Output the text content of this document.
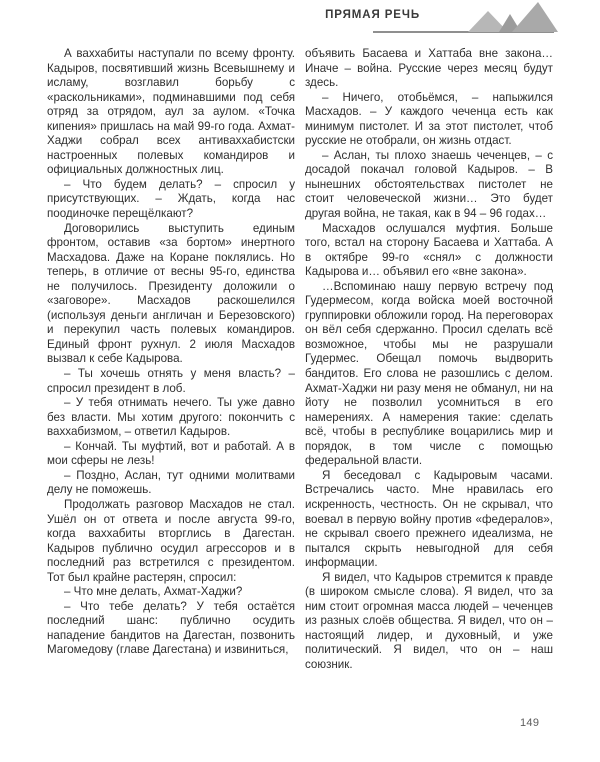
ПРЯМАЯ РЕЧЬ

А ваххабиты наступали по всему фронту. Кадыров, посвятивший жизнь Всевышнему и исламу, возглавил борьбу с «раскольниками», подминавшими под себя отряд за отрядом, аул за аулом. «Точка кипения» пришлась на май 99-го года. Ахмат-Хаджи собрал всех антиваххабистски настроенных полевых командиров и официальных должностных лиц.

– Что будем делать? – спросил у присутствующих. – Ждать, когда нас поодиночке перещёлкают?

Договорились выступить единым фронтом, оставив «за бортом» инертного Масхадова. Даже на Коране поклялись. Но теперь, в отличие от весны 95-го, единства не получилось. Президенту доложили о «заговоре». Масхадов раскошелился (используя деньги англичан и Березовского) и перекупил часть полевых командиров. Единый фронт рухнул. 2 июля Масхадов вызвал к себе Кадырова.

– Ты хочешь отнять у меня власть? – спросил президент в лоб.

– У тебя отнимать нечего. Ты уже давно без власти. Мы хотим другого: покончить с ваххабизмом, – ответил Кадыров.

– Кончай. Ты муфтий, вот и работай. А в мои сферы не лезь!

– Поздно, Аслан, тут одними молитвами делу не поможешь.

Продолжать разговор Масхадов не стал. Ушёл он от ответа и после августа 99-го, когда ваххабиты вторглись в Дагестан. Кадыров публично осудил агрессоров и в последний раз встретился с президентом. Тот был крайне растерян, спросил:

– Что мне делать, Ахмат-Хаджи?

– Что тебе делать? У тебя остаётся последний шанс: публично осудить нападение бандитов на Дагестан, позвонить Магомедову (главе Дагестана) и извиниться,

объявить Басаева и Хаттаба вне закона… Иначе – война. Русские через месяц будут здесь.

– Ничего, отобьёмся, – напыжился Масхадов. – У каждого чеченца есть как минимум пистолет. И за этот пистолет, чтоб русские не отобрали, он жизнь отдаст.

– Аслан, ты плохо знаешь чеченцев, – с досадой покачал головой Кадыров. – В нынешних обстоятельствах пистолет не стоит человеческой жизни… Это будет другая война, не такая, как в 94 – 96 годах…

Масхадов ослушался муфтия. Больше того, встал на сторону Басаева и Хаттаба. А в октябре 99-го «снял» с должности Кадырова и… объявил его «вне закона».

…Вспоминаю нашу первую встречу под Гудермесом, когда войска моей восточной группировки обложили город. На переговорах он вёл себя сдержанно. Просил сделать всё возможное, чтобы мы не разрушали Гудермес. Обещал помочь выдворить бандитов. Его слова не разошлись с делом. Ахмат-Хаджи ни разу меня не обманул, ни на йоту не позволил усомниться в его намерениях. А намерения такие: сделать всё, чтобы в республике воцарились мир и порядок, в том числе с помощью федеральной власти.

Я беседовал с Кадыровым часами. Встречались часто. Мне нравилась его искренность, честность. Он не скрывал, что воевал в первую войну против «федералов», не скрывал своего прежнего идеализма, не пытался скрыть невыгодной для себя информации.

Я видел, что Кадыров стремится к правде (в широком смысле слова). Я видел, что за ним стоит огромная масса людей – чеченцев из разных слоёв общества. Я видел, что он – настоящий лидер, и духовный, и уже политический. Я видел, что он – наш союзник.

149
